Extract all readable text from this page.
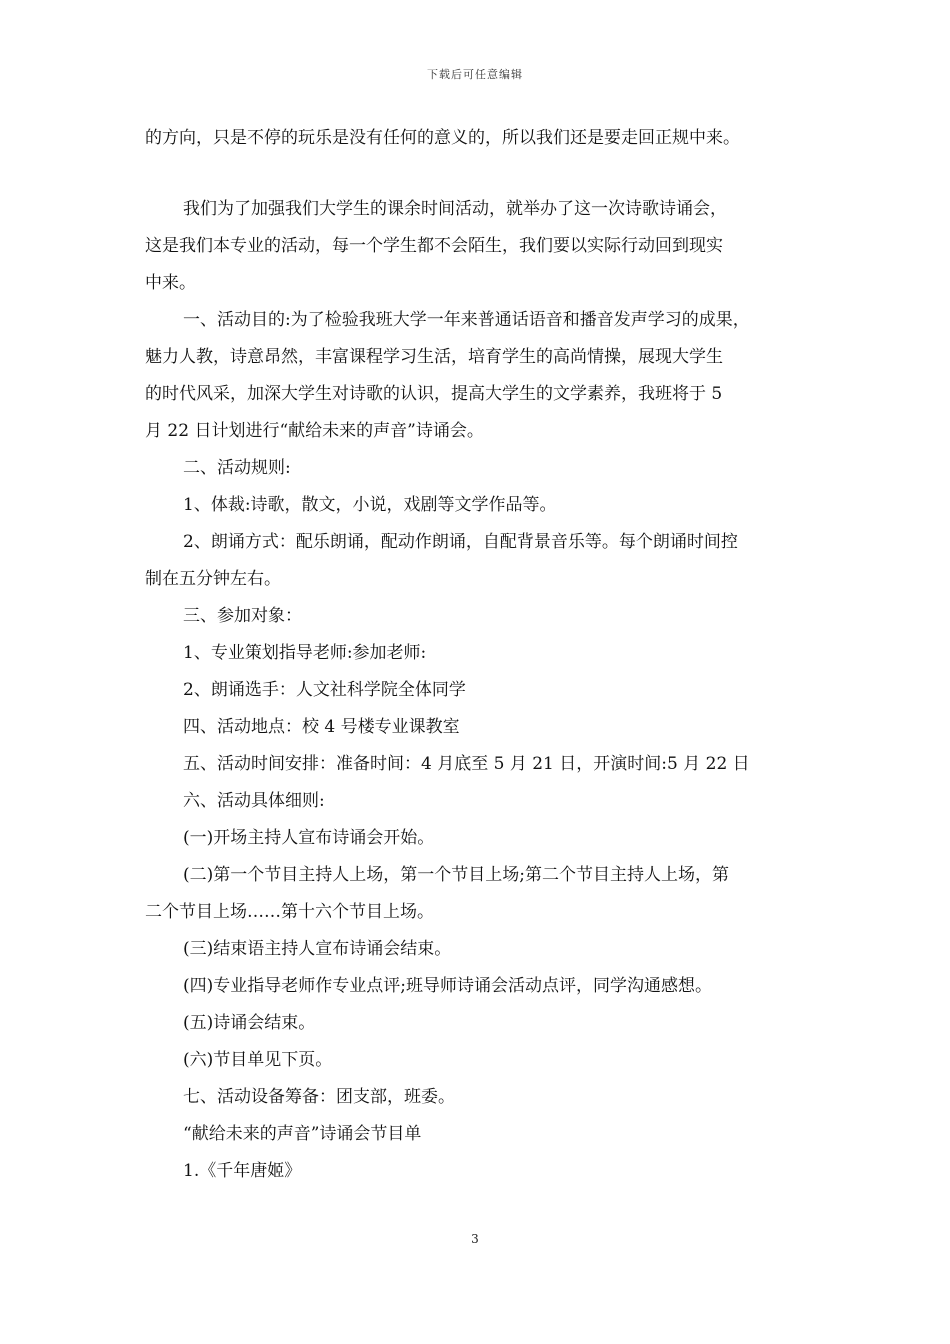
下载后可任意编辑

的方向，只是不停的玩乐是没有任何的意义的，所以我们还是要走回正规中来。

我们为了加强我们大学生的课余时间活动，就举办了这一次诗歌诗诵会，

这是我们本专业的活动，每一个学生都不会陌生，我们要以实际行动回到现实

中来。

一、活动目的:为了检验我班大学一年来普通话语音和播音发声学习的成果，

魅力人教，诗意昂然，丰富课程学习生活，培育学生的高尚情操，展现大学生

的时代风采，加深大学生对诗歌的认识，提高大学生的文学素养，我班将于 5

月 22 日计划进行“献给未来的声音”诗诵会。

二、活动规则:

1、体裁:诗歌，散文，小说，戏剧等文学作品等。

2、朗诵方式：配乐朗诵，配动作朗诵，自配背景音乐等。每个朗诵时间控

制在五分钟左右。

三、参加对象：

1、专业策划指导老师:参加老师:

2、朗诵选手：人文社科学院全体同学

四、活动地点：校 4 号楼专业课教室

五、活动时间安排：准备时间：4 月底至 5 月 21 日，开演时间:5 月 22 日

六、活动具体细则:

(一)开场主持人宣布诗诵会开始。

(二)第一个节目主持人上场，第一个节目上场;第二个节目主持人上场，第

二个节目上场……第十六个节目上场。

(三)结束语主持人宣布诗诵会结束。

(四)专业指导老师作专业点评;班导师诗诵会活动点评，同学沟通感想。

(五)诗诵会结束。

(六)节目单见下页。

七、活动设备筹备：团支部，班委。

“献给未来的声音”诗诵会节目单

1.《千年唐姬》

3
